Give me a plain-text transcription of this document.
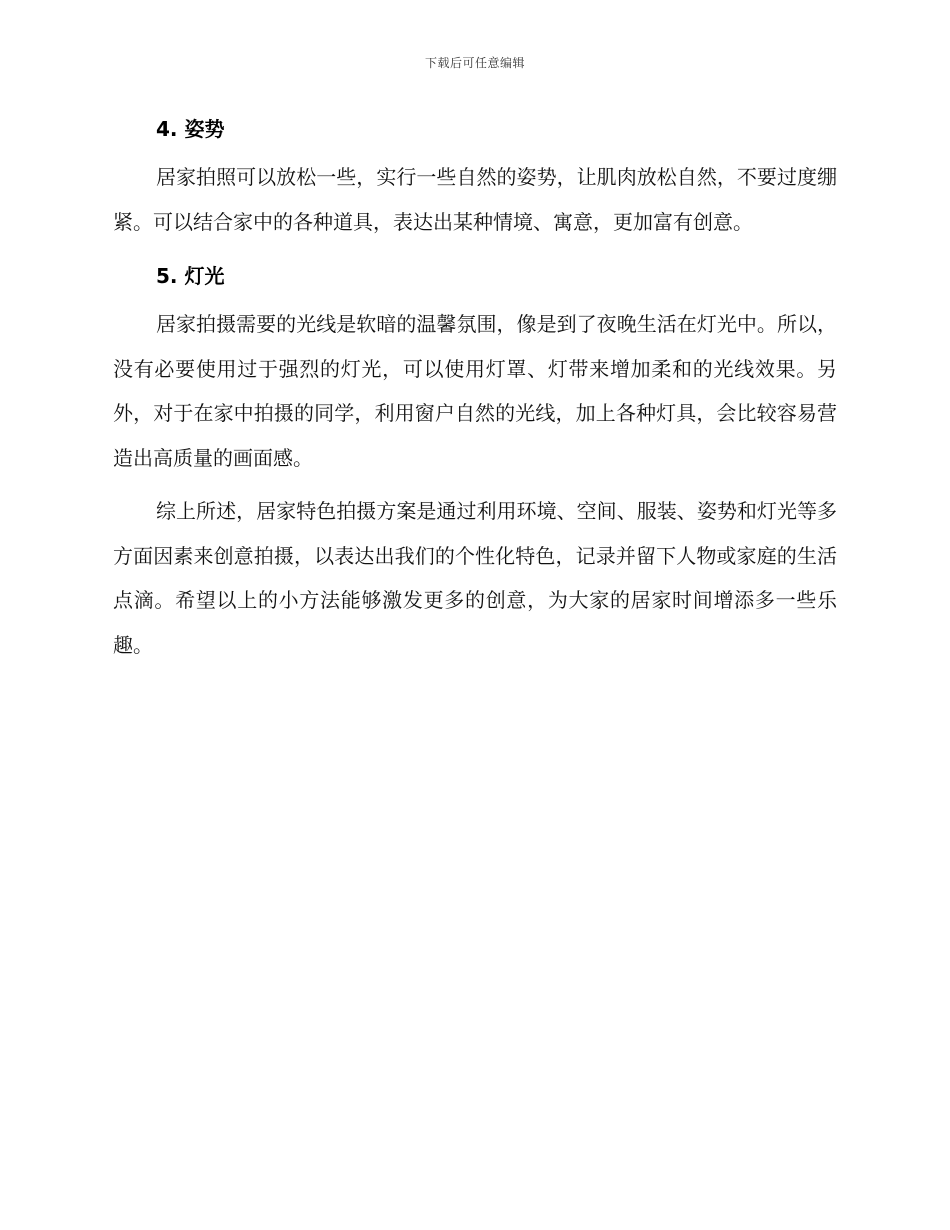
下载后可任意编辑
4. 姿势

居家拍照可以放松一些，实行一些自然的姿势，让肌肉放松自然，不要过度绷紧。可以结合家中的各种道具，表达出某种情境、寓意，更加富有创意。

5. 灯光

居家拍摄需要的光线是软暗的温馨氛围，像是到了夜晚生活在灯光中。所以，没有必要使用过于强烈的灯光，可以使用灯罩、灯带来增加柔和的光线效果。另外，对于在家中拍摄的同学，利用窗户自然的光线，加上各种灯具，会比较容易营造出高质量的画面感。

综上所述，居家特色拍摄方案是通过利用环境、空间、服装、姿势和灯光等多方面因素来创意拍摄，以表达出我们的个性化特色，记录并留下人物或家庭的生活点滴。希望以上的小方法能够激发更多的创意，为大家的居家时间增添多一些乐趣。
